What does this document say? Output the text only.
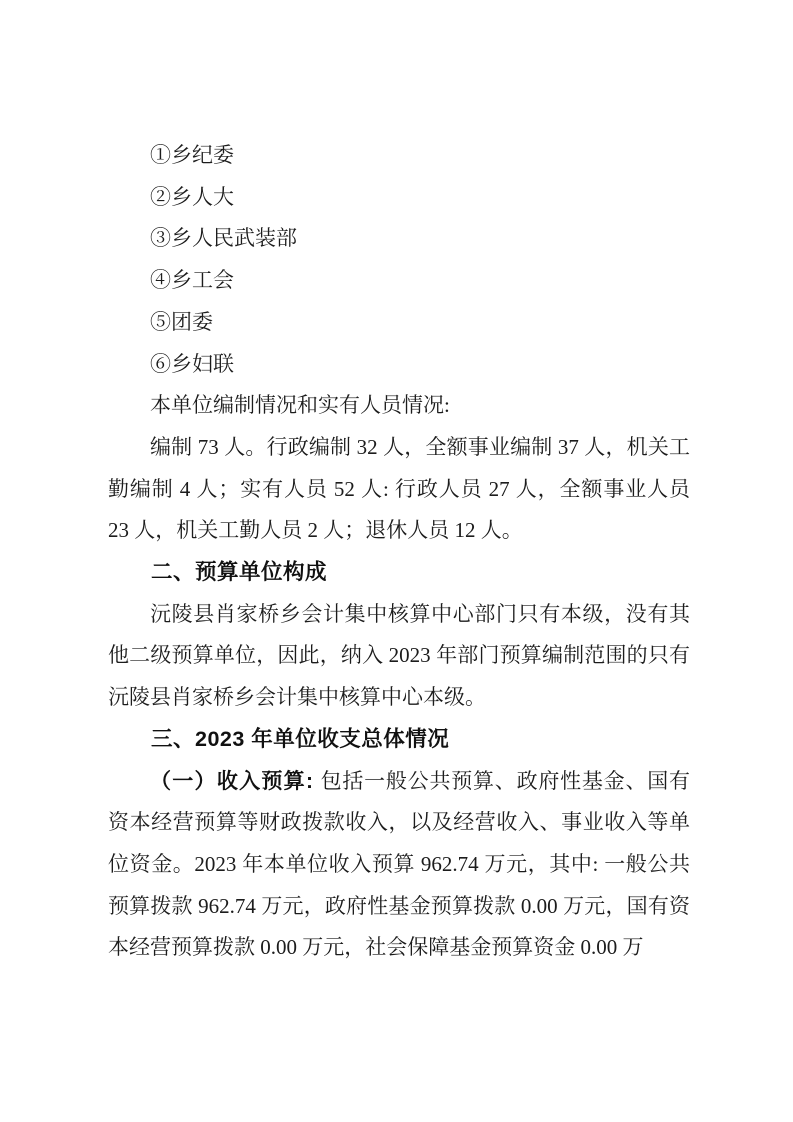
①乡纪委

②乡人大

③乡人民武装部

④乡工会

⑤团委

⑥乡妇联

本单位编制情况和实有人员情况:

编制 73 人。行政编制 32 人，全额事业编制 37 人，机关工勤编制 4 人；实有人员 52 人: 行政人员 27 人，全额事业人员 23 人，机关工勤人员 2 人；退休人员 12 人。

二、预算单位构成

沅陵县肖家桥乡会计集中核算中心部门只有本级，没有其他二级预算单位，因此，纳入 2023 年部门预算编制范围的只有沅陵县肖家桥乡会计集中核算中心本级。

三、2023 年单位收支总体情况

（一）收入预算: 包括一般公共预算、政府性基金、国有资本经营预算等财政拨款收入，以及经营收入、事业收入等单位资金。2023 年本单位收入预算 962.74 万元，其中: 一般公共预算拨款 962.74 万元，政府性基金预算拨款 0.00 万元，国有资本经营预算拨款 0.00 万元，社会保障基金预算资金 0.00 万
